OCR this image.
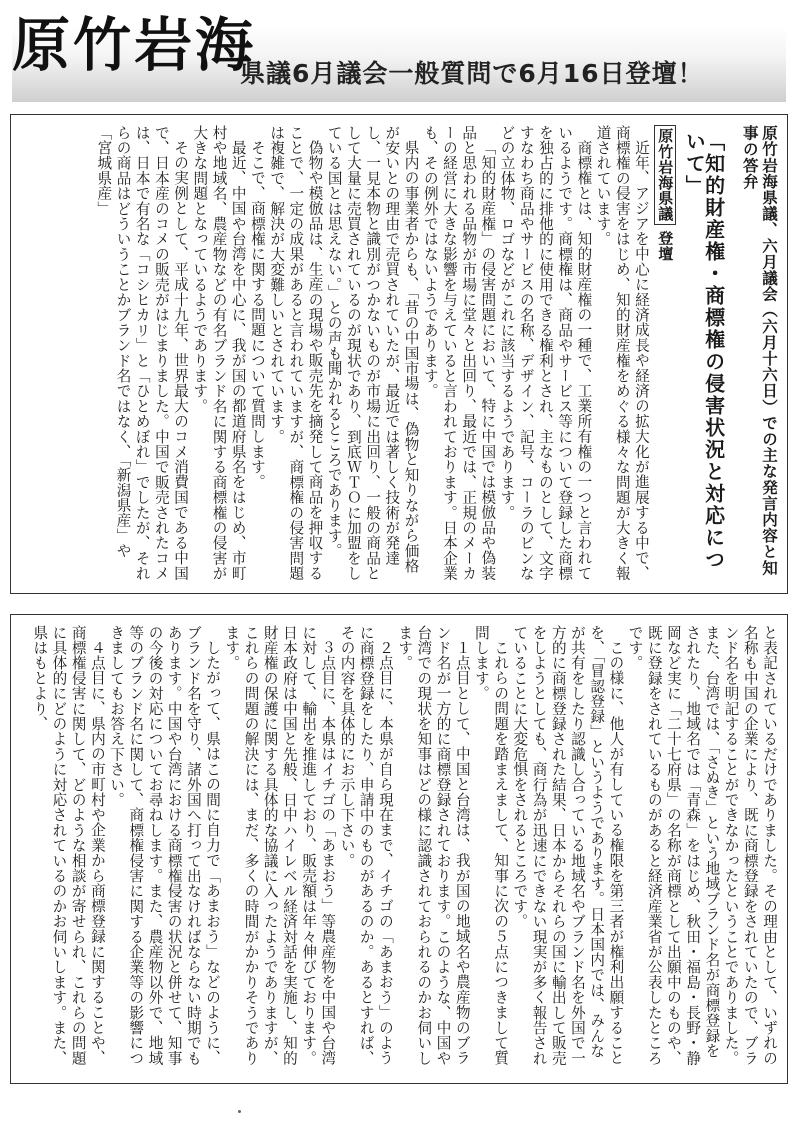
原竹岩海
県議6月議会一般質問で6月16日登壇！

原竹岩海県議、六月議会（六月十六日）での主な発言内容と知事の答弁

「知的財産権・商標権の侵害状況と対応について」

原竹岩海県議 登壇

近年、アジアを中心に経済成長や経済の拡大化が進展する中で、商標権の侵害をはじめ、知的財産権をめぐる様々な問題が大きく報道されています。

商標権とは、知的財産権の一種で、工業所有権の一つと言われているようです。商標権は、商品やサービス等について登録した商標を独占的に排他的に使用できる権利とされ、主なものとして、文字すなわち商品やサービスの名称、デザイン、記号、コーラのビンなどの立体物、ロゴなどがこれに該当するようであります。

「知的財産権」の侵害問題において、特に中国では模倣品や偽装品と思われる品物が市場に堂々と出回り、最近では、正規のメーカーの経営に大きな影響を与えていると言われております。日本企業も、その例外ではないようであります。

県内の事業者からも、「昔の中国市場は、偽物と知りながら価格が安いとの理由で売買されていたが、最近では著しく技術が発達し、一見本物と識別がつかないものが市場に出回り、一般の商品として大量に売買されているのが現状であり、到底ＷＴＯに加盟をしている国とは思えない。」との声も聞かれるところであります。

偽物や模倣品は、生産の現場や販売先を摘発して商品を押収することで、一定の成果があると言われていますが、商標権の侵害問題は複雑で、解決が大変難しいとされています。

そこで、商標権に関する問題について質問します。

最近、中国や台湾を中心に、我が国の都道府県名をはじめ、市町村や地域名、農産物などの有名ブランド名に関する商標権の侵害が大きな問題となっているようであります。

その実例として、平成十九年、世界最大のコメ消費国である中国で、日本産のコメの販売がはじまりました。中国で販売されたコメは、日本で有名な「コシヒカリ」と「ひとめぼれ」でしたが、それらの商品はどういうことかブランド名ではなく、「新潟県産」や「宮城県産」

と表記されているだけでありました。その理由として、いずれの名称も中国の企業により、既に商標登録をされていたので、ブランド名を明記することができなかったということでありました。また、台湾では、「さぬき」という地域ブランド名が商標登録をされたり、地域名では「青森」をはじめ、秋田・福島・長野・静岡など実に「二十七府県」の名称が商標として出願中のものや、既に登録をされているものがあると経済産業省が公表したところです。

この様に、他人が有している権限を第三者が権利出願することを、「冒認登録」というようであります。日本国内では、みんなが共有をしたり認識し合っている地域名やブランド名を外国で一方的に商標登録された結果、日本からそれらの国に輸出して販売をしようとしても、商行為が迅速にできない現実が多く報告されていることに大変危惧をされるところです。

これらの問題を踏まえまして、知事に次の５点につきまして質問します。

１点目として、中国と台湾は、我が国の地域名や農産物のブランド名が一方的に商標登録されております。このような、中国や台湾での現状を知事はどの様に認識されておられるのかお伺いします。

２点目に、本県が自ら現在まで、イチゴの「あまおう」のように商標登録をしたり、申請中のものがあるのか。あるとすれば、その内容を具体的にお示し下さい。

３点目に、本県はイチゴの「あまおう」等農産物を中国や台湾に対して、輸出を推進しており、販売額は年々伸びております。日本政府は中国と先般、日中ハイレベル経済対話を実施し、知的財産権の保護に関する具体的な協議に入ったようでありますが、これらの問題の解決には、まだ、多くの時間がかかりそうであります。

したがって、県はこの間に自力で「あまおう」などのように、ブランド名を守り、諸外国へ打って出なければならない時期でもあります。中国や台湾における商標権侵害の状況と併せて、知事の今後の対応についてお尋ねします。また、農産物以外で、地域等のブランド名に関して、商標権侵害に関する企業等の影響につきましてもお答え下さい。

４点目に、県内の市町村や企業から商標登録に関することや、商標権侵害に関して、どのような相談が寄せられ、これらの問題に具体的にどのように対応されているのかお伺いします。また、県はもとより、
